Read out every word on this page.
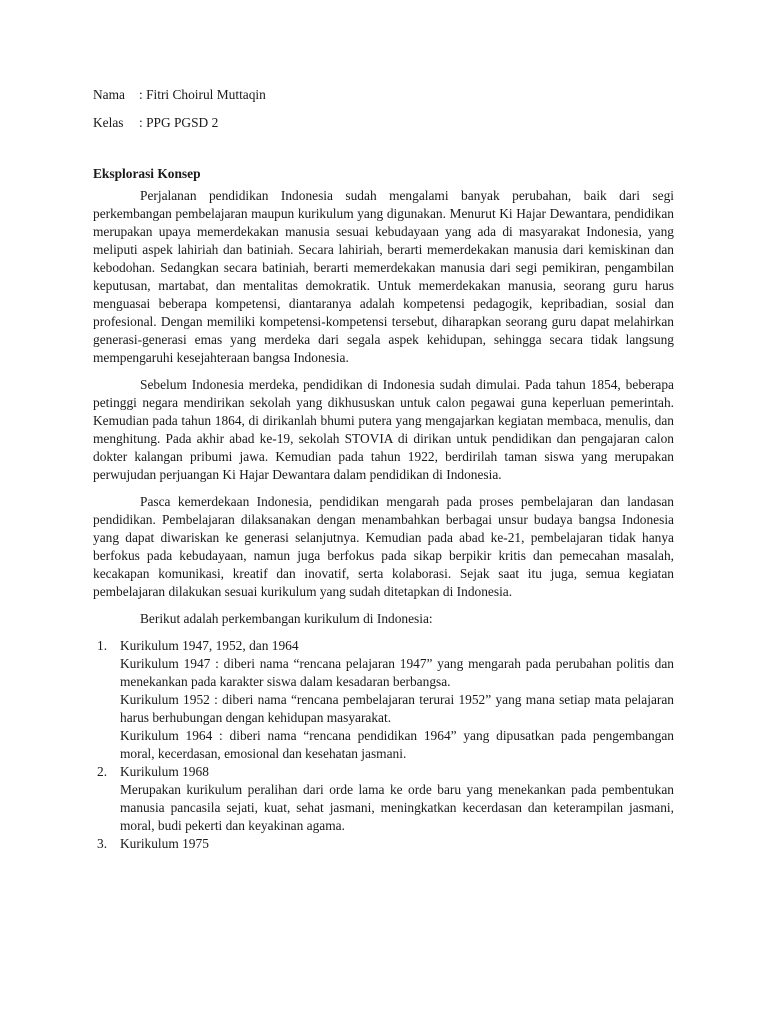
Nama	: Fitri Choirul Muttaqin
Kelas	: PPG PGSD 2
Eksplorasi Konsep

Perjalanan pendidikan Indonesia sudah mengalami banyak perubahan, baik dari segi perkembangan pembelajaran maupun kurikulum yang digunakan. Menurut Ki Hajar Dewantara, pendidikan merupakan upaya memerdekakan manusia sesuai kebudayaan yang ada di masyarakat Indonesia, yang meliputi aspek lahiriah dan batiniah. Secara lahiriah, berarti memerdekakan manusia dari kemiskinan dan kebodohan. Sedangkan secara batiniah, berarti memerdekakan manusia dari segi pemikiran, pengambilan keputusan, martabat, dan mentalitas demokratik. Untuk memerdekakan manusia, seorang guru harus menguasai beberapa kompetensi, diantaranya adalah kompetensi pedagogik, kepribadian, sosial dan profesional. Dengan memiliki kompetensi-kompetensi tersebut, diharapkan seorang guru dapat melahirkan generasi-generasi emas yang merdeka dari segala aspek kehidupan, sehingga secara tidak langsung mempengaruhi kesejahteraan bangsa Indonesia.

Sebelum Indonesia merdeka, pendidikan di Indonesia sudah dimulai. Pada tahun 1854, beberapa petinggi negara mendirikan sekolah yang dikhususkan untuk calon pegawai guna keperluan pemerintah. Kemudian pada tahun 1864, di dirikanlah bhumi putera yang mengajarkan kegiatan membaca, menulis, dan menghitung. Pada akhir abad ke-19, sekolah STOVIA di dirikan untuk pendidikan dan pengajaran calon dokter kalangan pribumi jawa. Kemudian pada tahun 1922, berdirilah taman siswa yang merupakan perwujudan perjuangan Ki Hajar Dewantara dalam pendidikan di Indonesia.

Pasca kemerdekaan Indonesia, pendidikan mengarah pada proses pembelajaran dan landasan pendidikan. Pembelajaran dilaksanakan dengan menambahkan berbagai unsur budaya bangsa Indonesia yang dapat diwariskan ke generasi selanjutnya. Kemudian pada abad ke-21, pembelajaran tidak hanya berfokus pada kebudayaan, namun juga berfokus pada sikap berpikir kritis dan pemecahan masalah, kecakapan komunikasi, kreatif dan inovatif, serta kolaborasi. Sejak saat itu juga, semua kegiatan pembelajaran dilakukan sesuai kurikulum yang sudah ditetapkan di Indonesia.

Berikut adalah perkembangan kurikulum di Indonesia:

1. Kurikulum 1947, 1952, dan 1964
Kurikulum 1947 : diberi nama “rencana pelajaran 1947” yang mengarah pada perubahan politis dan menekankan pada karakter siswa dalam kesadaran berbangsa.
Kurikulum 1952 : diberi nama “rencana pembelajaran terurai 1952” yang mana setiap mata pelajaran harus berhubungan dengan kehidupan masyarakat.
Kurikulum 1964 : diberi nama “rencana pendidikan 1964” yang dipusatkan pada pengembangan moral, kecerdasan, emosional dan kesehatan jasmani.
2. Kurikulum 1968
Merupakan kurikulum peralihan dari orde lama ke orde baru yang menekankan pada pembentukan manusia pancasila sejati, kuat, sehat jasmani, meningkatkan kecerdasan dan keterampilan jasmani, moral, budi pekerti dan keyakinan agama.
3. Kurikulum 1975
